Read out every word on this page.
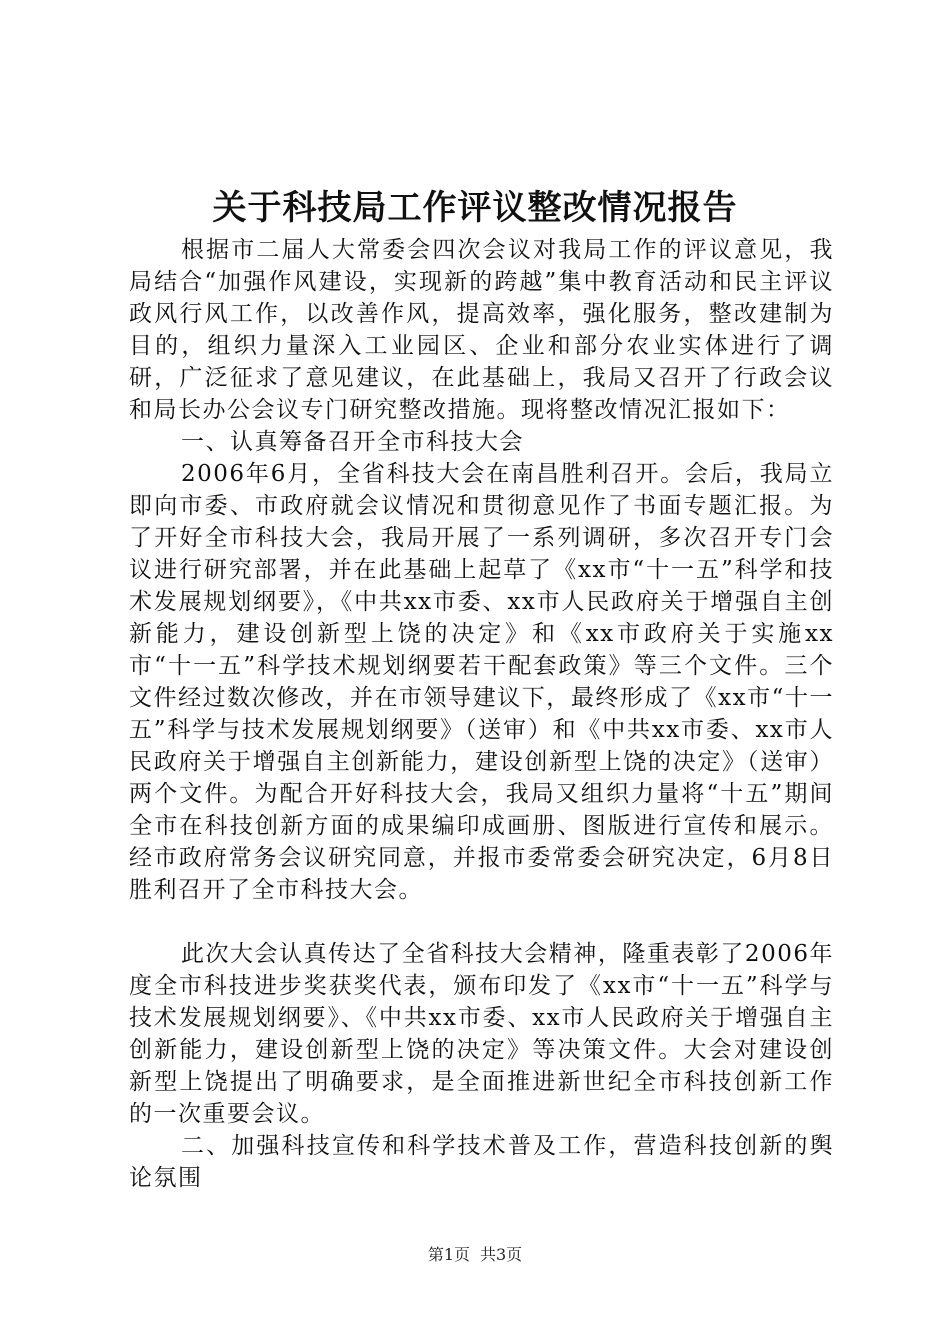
关于科技局工作评议整改情况报告

根据市二届人大常委会四次会议对我局工作的评议意见，我局结合“加强作风建设，实现新的跨越”集中教育活动和民主评议政风行风工作，以改善作风，提高效率，强化服务，整改建制为目的，组织力量深入工业园区、企业和部分农业实体进行了调研，广泛征求了意见建议，在此基础上，我局又召开了行政会议和局长办公会议专门研究整改措施。现将整改情况汇报如下：

一、认真筹备召开全市科技大会

2006年6月，全省科技大会在南昌胜利召开。会后，我局立即向市委、市政府就会议情况和贯彻意见作了书面专题汇报。为了开好全市科技大会，我局开展了一系列调研，多次召开专门会议进行研究部署，并在此基础上起草了《xx市“十一五”科学和技术发展规划纲要》，《中共xx市委、xx市人民政府关于增强自主创新能力，建设创新型上饶的决定》和《xx市政府关于实施xx市“十一五”科学技术规划纲要若干配套政策》等三个文件。三个文件经过数次修改，并在市领导建议下，最终形成了《xx市“十一五”科学与技术发展规划纲要》（送审）和《中共xx市委、xx市人民政府关于增强自主创新能力，建设创新型上饶的决定》（送审）两个文件。为配合开好科技大会，我局又组织力量将“十五”期间全市在科技创新方面的成果编印成画册、图版进行宣传和展示。经市政府常务会议研究同意，并报市委常委会研究决定，6月8日胜利召开了全市科技大会。

此次大会认真传达了全省科技大会精神，隆重表彰了2006年度全市科技进步奖获奖代表，颁布印发了《xx市“十一五”科学与技术发展规划纲要》、《中共xx市委、xx市人民政府关于增强自主创新能力，建设创新型上饶的决定》等决策文件。大会对建设创新型上饶提出了明确要求，是全面推进新世纪全市科技创新工作的一次重要会议。

二、加强科技宣传和科学技术普及工作，营造科技创新的舆论氛围

第1页 共3页
